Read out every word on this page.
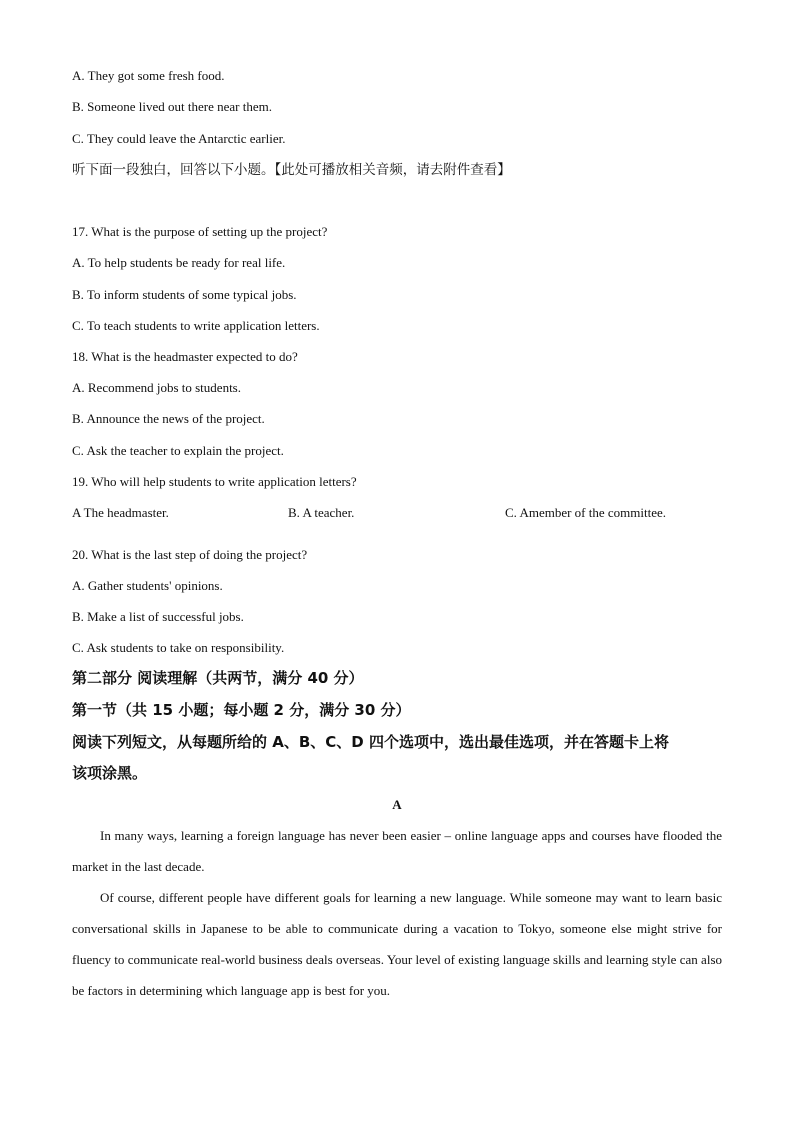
A. They got some fresh food.
B. Someone lived out there near them.
C. They could leave the Antarctic earlier.
听下面一段独白，回答以下小题。【此处可播放相关音频，请去附件查看】
17. What is the purpose of setting up the project?
A. To help students be ready for real life.
B. To inform students of some typical jobs.
C. To teach students to write application letters.
18. What is the headmaster expected to do?
A. Recommend jobs to students.
B. Announce the news of the project.
C. Ask the teacher to explain the project.
19. Who will help students to write application letters?
A The headmaster.	B. A teacher.	C. Amember of the committee.
20. What is the last step of doing the project?
A. Gather students' opinions.
B. Make a list of successful jobs.
C. Ask students to take on responsibility.
第二部分 阅读理解（共两节，满分 40 分）
第一节（共 15 小题；每小题 2 分，满分 30 分）
阅读下列短文，从每题所给的 A、B、C、D 四个选项中，选出最佳选项，并在答题卡上将
该项涂黑。
A

In many ways, learning a foreign language has never been easier – online language apps and courses have flooded the market in the last decade.

Of course, different people have different goals for learning a new language. While someone may want to learn basic conversational skills in Japanese to be able to communicate during a vacation to Tokyo, someone else might strive for fluency to communicate real-world business deals overseas. Your level of existing language skills and learning style can also be factors in determining which language app is best for you.
